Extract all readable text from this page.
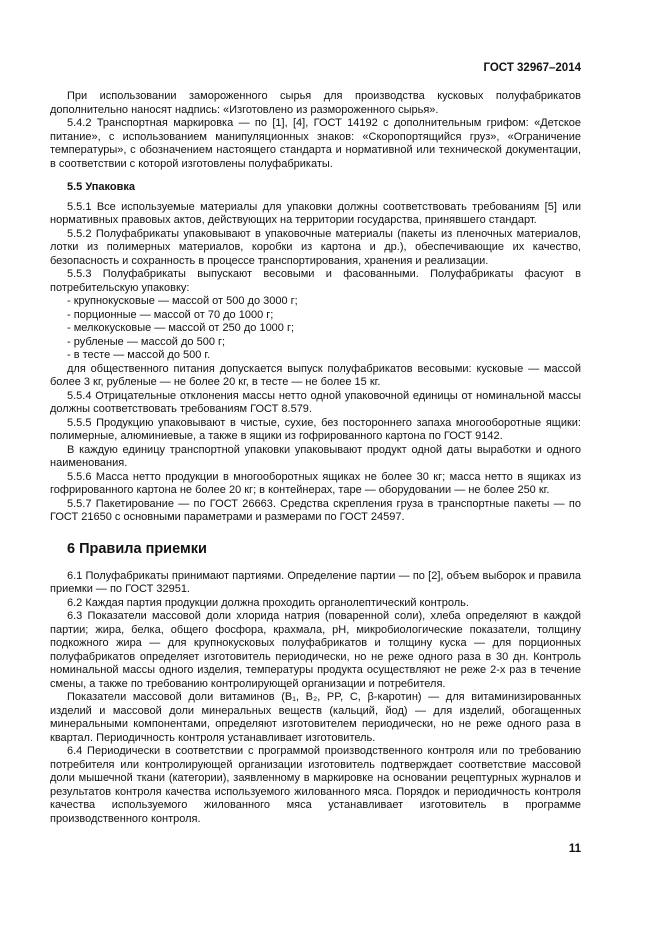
ГОСТ 32967–2014

При использовании замороженного сырья для производства кусковых полуфабрикатов дополнительно наносят надпись: «Изготовлено из размороженного сырья».

5.4.2 Транспортная маркировка — по [1], [4], ГОСТ 14192 с дополнительным грифом: «Детское питание», с использованием манипуляционных знаков: «Скоропортящийся груз», «Ограничение температуры», с обозначением настоящего стандарта и нормативной или технической документации, в соответствии с которой изготовлены полуфабрикаты.

5.5 Упаковка

5.5.1 Все используемые материалы для упаковки должны соответствовать требованиям [5] или нормативных правовых актов, действующих на территории государства, принявшего стандарт.

5.5.2 Полуфабрикаты упаковывают в упаковочные материалы (пакеты из пленочных материалов, лотки из полимерных материалов, коробки из картона и др.), обеспечивающие их качество, безопасность и сохранность в процессе транспортирования, хранения и реализации.

5.5.3 Полуфабрикаты выпускают весовыми и фасованными. Полуфабрикаты фасуют в потребительскую упаковку:

- крупнокусковые — массой от 500 до 3000 г;

- порционные — массой от 70 до 1000 г;

- мелкокусковые — массой от 250 до 1000 г;

- рубленые — массой до 500 г;

- в тесте — массой до 500 г.

для общественного питания допускается выпуск полуфабрикатов весовыми: кусковые — массой более 3 кг, рубленые — не более 20 кг, в тесте — не более 15 кг.

5.5.4 Отрицательные отклонения массы нетто одной упаковочной единицы от номинальной массы должны соответствовать требованиям ГОСТ 8.579.

5.5.5 Продукцию упаковывают в чистые, сухие, без постороннего запаха многооборотные ящики: полимерные, алюминиевые, а также в ящики из гофрированного картона по ГОСТ 9142.

В каждую единицу транспортной упаковки упаковывают продукт одной даты выработки и одного наименования.

5.5.6 Масса нетто продукции в многооборотных ящиках не более 30 кг; масса нетто в ящиках из гофрированного картона не более 20 кг; в контейнерах, таре — оборудовании — не более 250 кг.

5.5.7 Пакетирование — по ГОСТ 26663. Средства скрепления груза в транспортные пакеты — по ГОСТ 21650 с основными параметрами и размерами по ГОСТ 24597.

6 Правила приемки

6.1 Полуфабрикаты принимают партиями. Определение партии — по [2], объем выборок и правила приемки — по ГОСТ 32951.

6.2 Каждая партия продукции должна проходить органолептический контроль.

6.3 Показатели массовой доли хлорида натрия (поваренной соли), хлеба определяют в каждой партии; жира, белка, общего фосфора, крахмала, pH, микробиологические показатели, толщину подкожного жира — для крупнокусковых полуфабрикатов и толщину куска — для порционных полуфабрикатов определяет изготовитель периодически, но не реже одного раза в 30 дн. Контроль номинальной массы одного изделия, температуры продукта осуществляют не реже 2-х раз в течение смены, а также по требованию контролирующей организации и потребителя.

Показатели массовой доли витаминов (B₁, B₂, PP, C, β-каротин) — для витаминизированных изделий и массовой доли минеральных веществ (кальций, йод) — для изделий, обогащенных минеральными компонентами, определяют изготовителем периодически, но не реже одного раза в квартал. Периодичность контроля устанавливает изготовитель.

6.4 Периодически в соответствии с программой производственного контроля или по требованию потребителя или контролирующей организации изготовитель подтверждает соответствие массовой доли мышечной ткани (категории), заявленному в маркировке на основании рецептурных журналов и результатов контроля качества используемого жилованного мяса. Порядок и периодичность контроля качества используемого жилованного мяса устанавливает изготовитель в программе производственного контроля.

11
